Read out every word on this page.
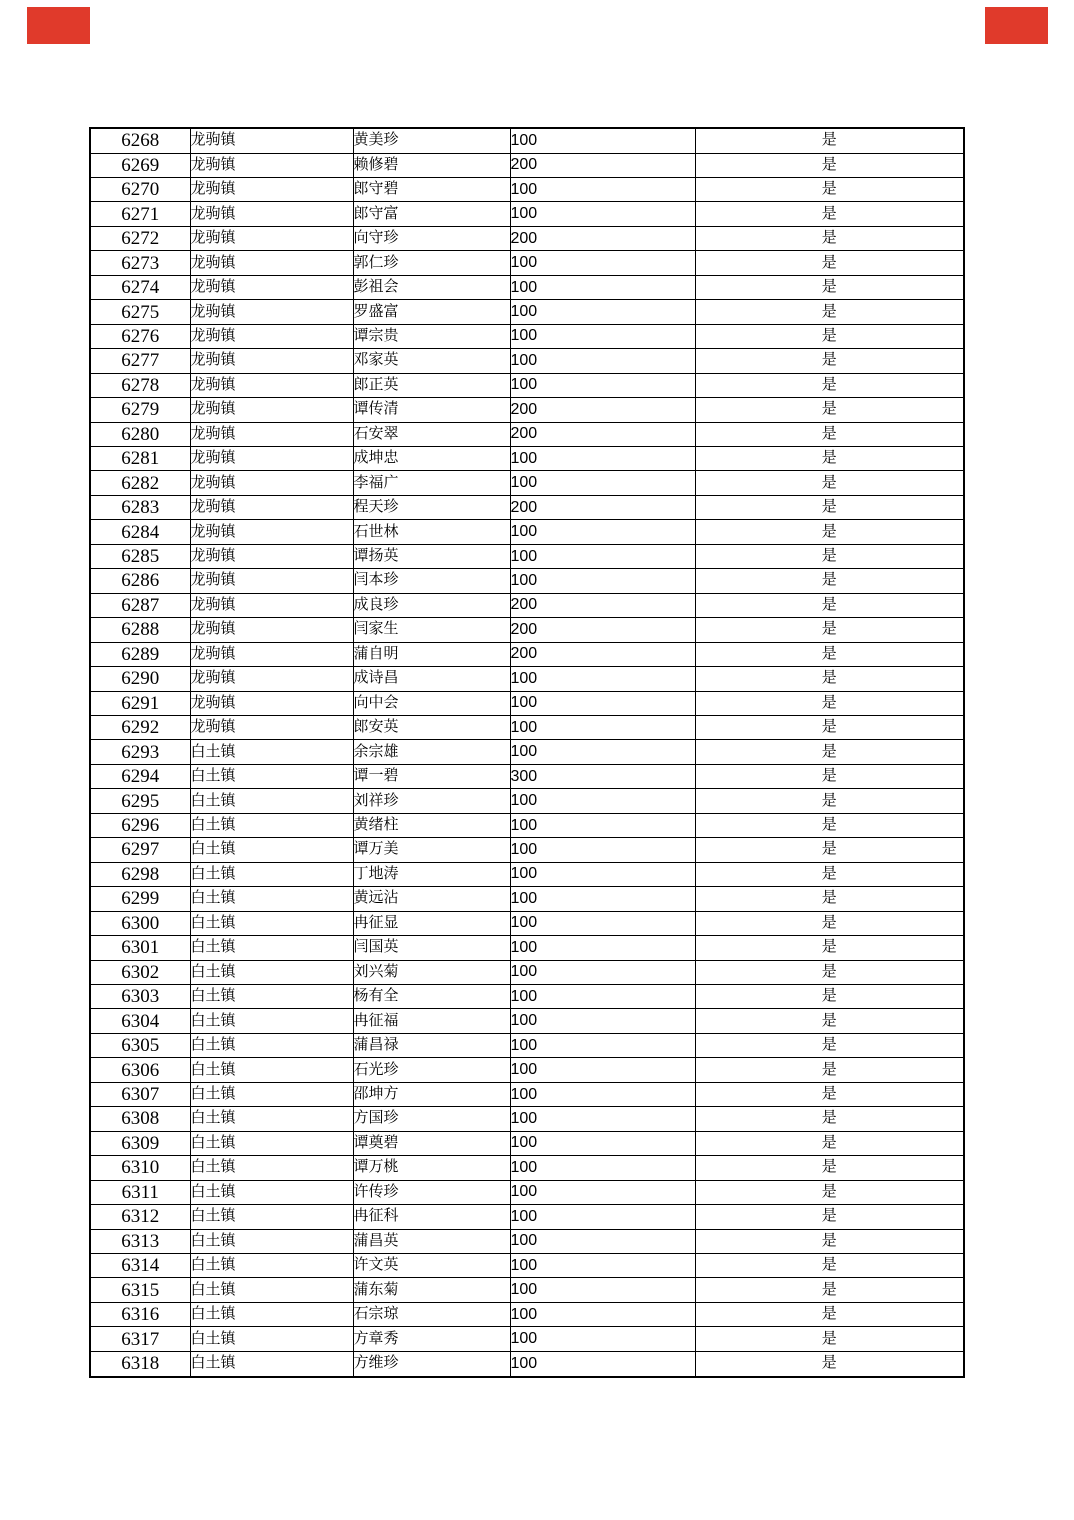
6268	龙驹镇	黄美珍	100	是
6269	龙驹镇	赖修碧	200	是
6270	龙驹镇	郎守碧	100	是
6271	龙驹镇	郎守富	100	是
6272	龙驹镇	向守珍	200	是
6273	龙驹镇	郭仁珍	100	是
6274	龙驹镇	彭祖会	100	是
6275	龙驹镇	罗盛富	100	是
6276	龙驹镇	谭宗贵	100	是
6277	龙驹镇	邓家英	100	是
6278	龙驹镇	郎正英	100	是
6279	龙驹镇	谭传清	200	是
6280	龙驹镇	石安翠	200	是
6281	龙驹镇	成坤忠	100	是
6282	龙驹镇	李福广	100	是
6283	龙驹镇	程天珍	200	是
6284	龙驹镇	石世林	100	是
6285	龙驹镇	谭扬英	100	是
6286	龙驹镇	闫本珍	100	是
6287	龙驹镇	成良珍	200	是
6288	龙驹镇	闫家生	200	是
6289	龙驹镇	蒲自明	200	是
6290	龙驹镇	成诗昌	100	是
6291	龙驹镇	向中会	100	是
6292	龙驹镇	郎安英	100	是
6293	白土镇	余宗雄	100	是
6294	白土镇	谭一碧	300	是
6295	白土镇	刘祥珍	100	是
6296	白土镇	黄绪柱	100	是
6297	白土镇	谭万美	100	是
6298	白土镇	丁地涛	100	是
6299	白土镇	黄远沾	100	是
6300	白土镇	冉征显	100	是
6301	白土镇	闫国英	100	是
6302	白土镇	刘兴菊	100	是
6303	白土镇	杨有全	100	是
6304	白土镇	冉征福	100	是
6305	白土镇	蒲昌禄	100	是
6306	白土镇	石光珍	100	是
6307	白土镇	邵坤方	100	是
6308	白土镇	方国珍	100	是
6309	白土镇	谭奠碧	100	是
6310	白土镇	谭万桃	100	是
6311	白土镇	许传珍	100	是
6312	白土镇	冉征科	100	是
6313	白土镇	蒲昌英	100	是
6314	白土镇	许文英	100	是
6315	白土镇	蒲东菊	100	是
6316	白土镇	石宗琼	100	是
6317	白土镇	方章秀	100	是
6318	白土镇	方维珍	100	是
